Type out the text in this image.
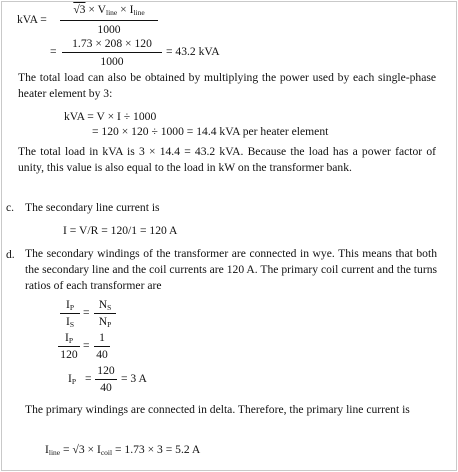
kVA =
$√3 \times V_{line} \times I_{line}$
1000
=
1.73 × 208 × 120
1000
= 43.2 kVA
The total load can also be obtained by multiplying the power used by each single-phase heater element by 3:
kVA = V × I ÷ 1000
= 120 × 120 ÷ 1000 = 14.4 kVA per heater element
The total load in kVA is 3 × 14.4 = 43.2 kVA. Because the load has a power factor of unity, this value is also equal to the load in kW on the transformer bank.
c. The secondary line current is
I = V/R = 120/1 = 120 A
d. The secondary windings of the transformer are connected in wye. This means that both the secondary line and the coil currents are 120 A. The primary coil current and the turns ratios of each transformer are
$I_P$
$I_S$
=
$N_S$
$N_P$
$I_P$
120
=
1
40
$I_P$ =
120
40
= 3 A
The primary windings are connected in delta. Therefore, the primary line current is
$I_{line} = √3 \times I_{coil} = 1.73 \times 3 = 5.2$ A
